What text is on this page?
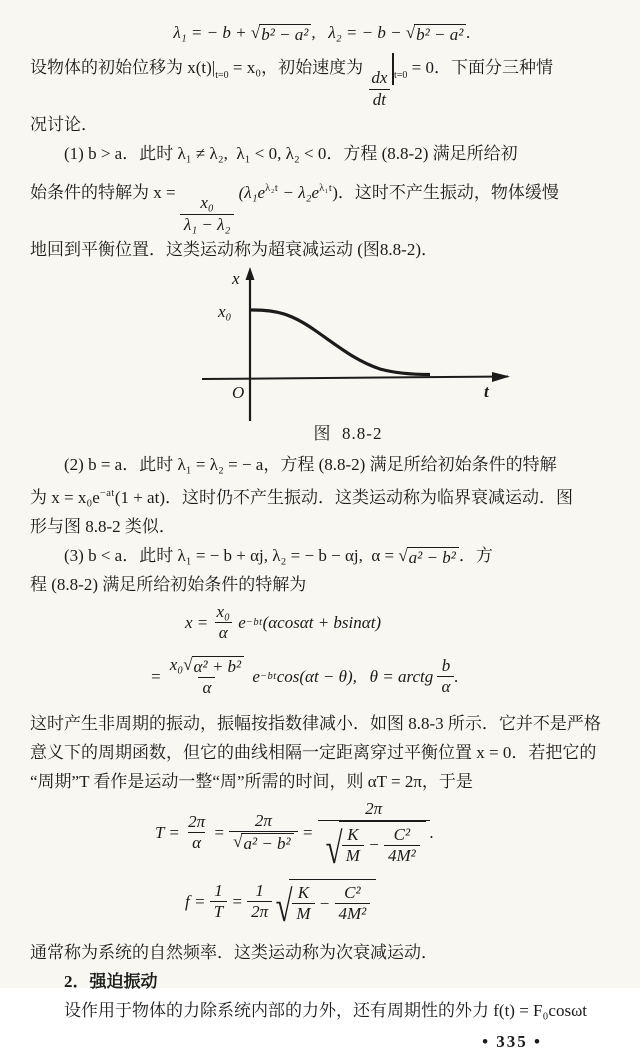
λ₁ = − b + √ b² − a² ,   λ₂ = − b − √ b² − a² .
设物体的初始位移为 $x(t)|_{t=0} = x_0$，初始速度为
$\frac{dx}{dt} _{t=0} = 0$．下面分三种情
况讨论．
(1) b > a．此时 λ₁ ≠ λ₂,  λ₁ < 0, λ₂ < 0．方程 (8.8-2) 满足所给初
始条件的特解为 x =
$\frac{\text{x₀}}{\text{λ₁ − λ₂}}$
$(\lambda_1e^{\lambda_2t} - \lambda_2e^{\lambda_1t})$．这时不产生振动，物体缓慢
地回到平衡位置．这类运动称为超衰减运动 (图8.8-2)．
x
x₀
O	t
图  8.8-2
(2) b = a．此时 λ₁ = λ₂ = − a，方程 (8.8-2) 满足所给初始条件的特解
为 $x = x_0e^{-at}(1 + at)$．这时仍不产生振动．这类运动称为临界衰减运动．图
形与图 8.8-2 类似．
(3) b < a．此时 λ₁ = − b + αj, λ₂ = − b − αj,  α = √ a² − b² ．方
程 (8.8-2) 满足所给初始条件的特解为
$x = \frac{\text{x₀}}{\alpha}$ e −bt (αcosαt + bsinαt)
= $\frac{\text{x₀ √ α² + b²}}{\alpha}$ e −bt cos(αt − θ), θ = arctg $\frac{b}{\alpha}$ .
这时产生非周期的振动，振幅按指数律减小．如图 8.8-3 所示．它并不是严格
意义下的周期函数，但它的曲线相隔一定距离穿过平衡位置 x = 0．若把它的
“周期”T 看作是运动一整“周”所需的时间，则 αT = 2π，于是
$T = \frac{2\pi}{\alpha} = \frac{2\pi}{\text{√ a² − b²}} = \frac{2\pi}{√ \frac{K}{M} - \frac{\text{C²}}{\text{4M²}}}$ .
$f = \frac{1}{T} = \frac{1}{2\pi}$ √ $\frac{K}{M} - \frac{\text{C²}}{\text{4M²}}$
通常称为系统的自然频率．这类运动称为次衰减运动．
2．强迫振动
设作用于物体的力除系统内部的力外，还有周期性的外力 f(t) = F₀cosωt
• 335 •
